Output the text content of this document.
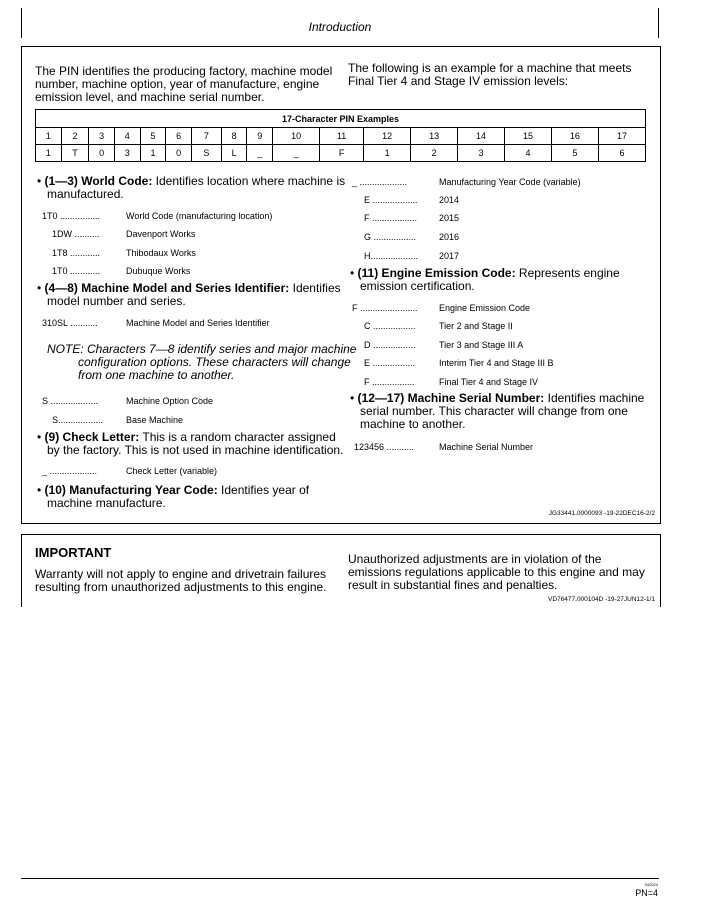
Introduction
The PIN identifies the producing factory, machine model number, machine option, year of manufacture, engine emission level, and machine serial number.
The following is an example for a machine that meets Final Tier 4 and Stage IV emission levels:
17-Character PIN Examples																
1	2	3	4	5	6	7	8	9	10	11	12	13	14	15	16	17
1	T	0	3	1	0	S	L	_	_	F	1	2	3	4	5	6
• (1—3) World Code: Identifies location where machine is manufactured.
1T0 ................	World Code (manufacturing location)
1DW ..........	Davenport Works
1T8 ............	Thibodaux Works
1T0 ............	Dubuque Works
• (4—8) Machine Model and Series Identifier: Identifies model number and series.
310SL ...........	Machine Model and Series Identifier
NOTE: Characters 7—8 identify series and major machine configuration options. These characters will change from one machine to another.
S ...................	Machine Option Code
S..................	Base Machine
• (9) Check Letter: This is a random character assigned by the factory. This is not used in machine identification.
_ ...................	Check Letter (variable)
• (10) Manufacturing Year Code: Identifies year of machine manufacture.
_ ...................	Manufacturing Year Code (variable)
E .................. 2014
F .................. 2015
G .................	2016
H................... 2017
• (11) Engine Emission Code: Represents engine emission certification.
F ....................... Engine Emission Code
C .................	Tier 2 and Stage II
D .................	Tier 3 and Stage III A
E .................	Interim Tier 4 and Stage III B
F .................	Final Tier 4 and Stage IV
• (12—17) Machine Serial Number: Identifies machine serial number. This character will change from one machine to another.
123456 ...........	Machine Serial Number
JG33441,0000093 -19-22DEC16-2/2
IMPORTANT
Warranty will not apply to engine and drivetrain failures resulting from unauthorized adjustments to this engine.
Unauthorized adjustments are in violation of the emissions regulations applicable to this engine and may result in substantial fines and penalties.
VD76477,000104D -19-27JUN12-1/1
042024
PN=4
